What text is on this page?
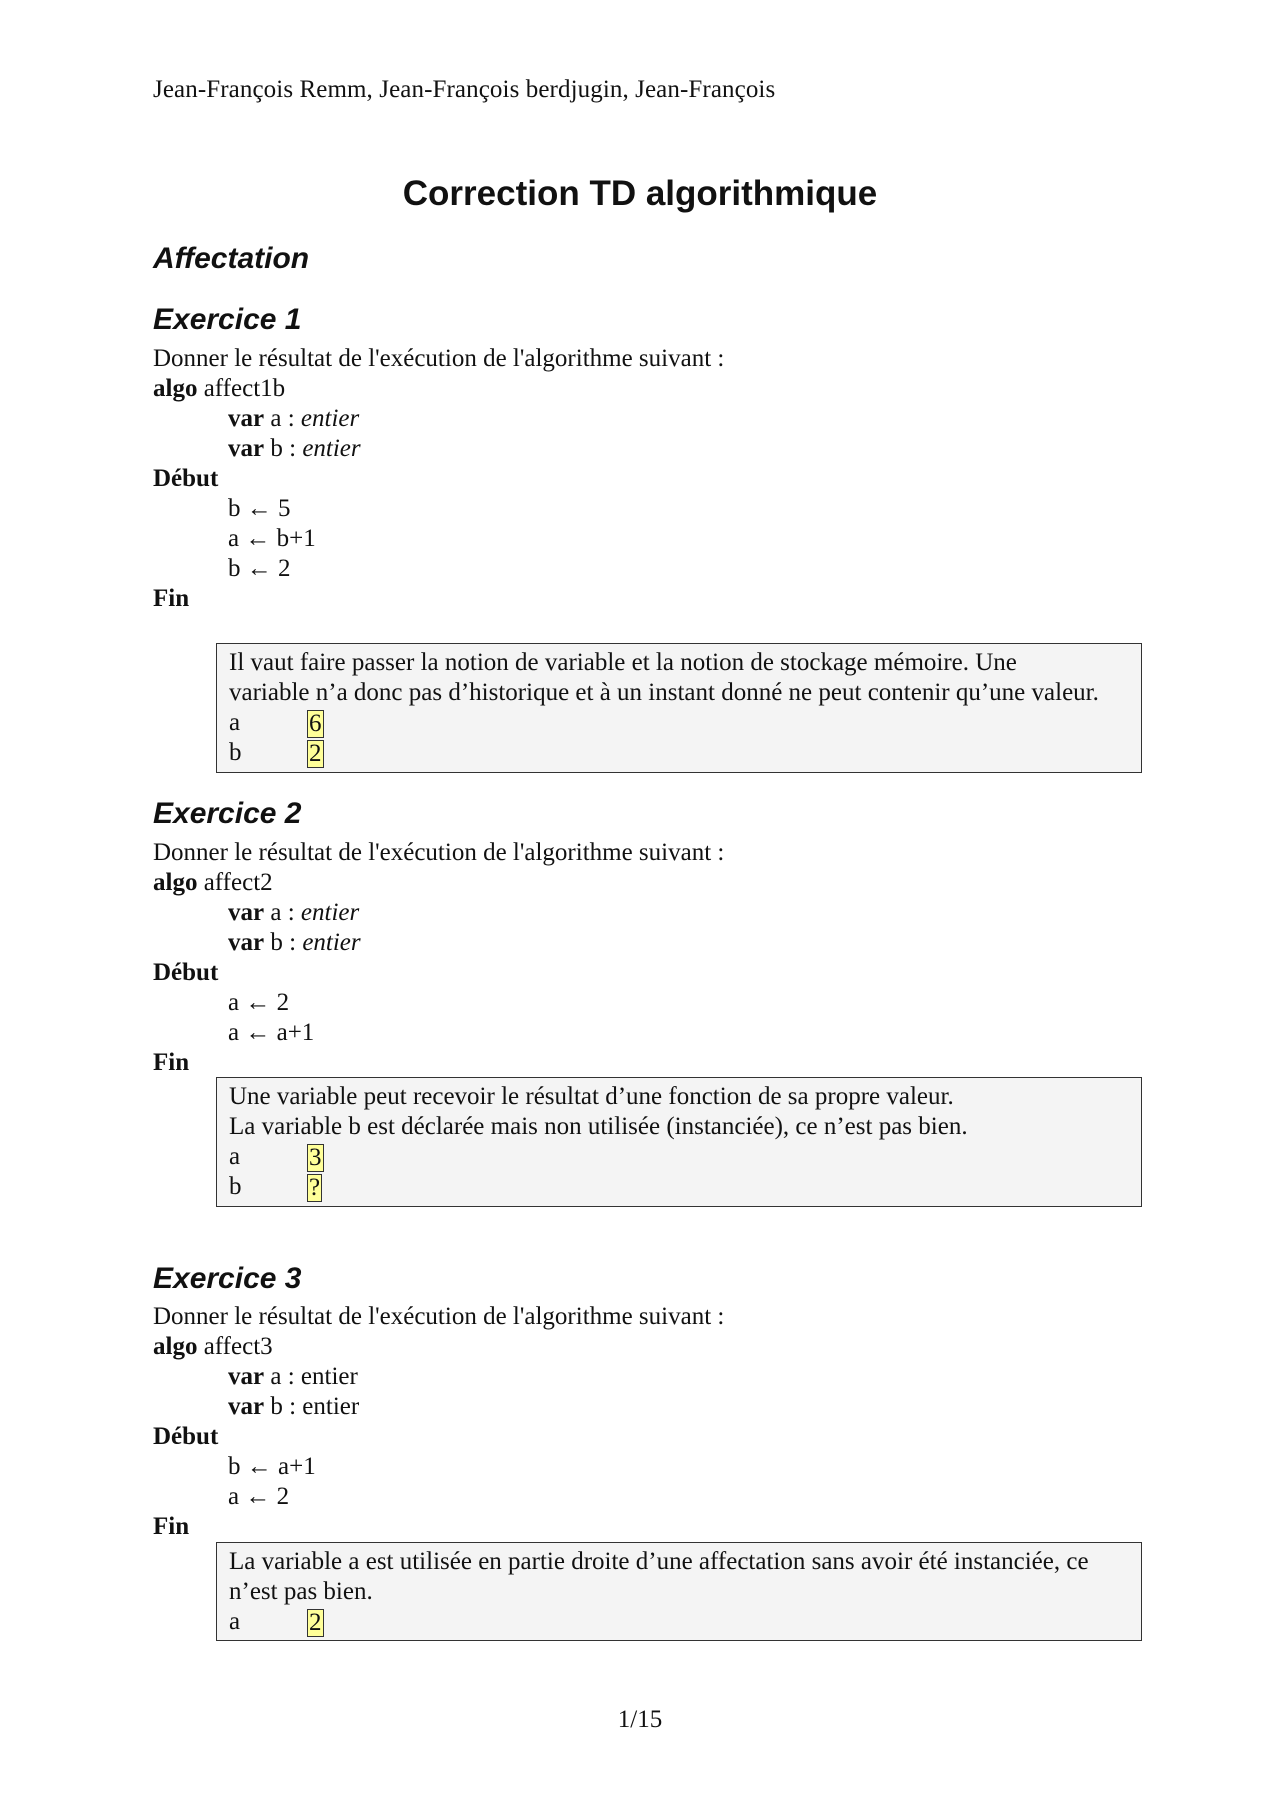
Jean-François Remm, Jean-François berdjugin, Jean-François
Correction TD algorithmique
Affectation
Exercice 1
Donner le résultat de l'exécution de l'algorithme suivant :
algo affect1b
var a : entier
var b : entier
Début
b ← 5
a ← b+1
b ← 2
Fin
Il vaut faire passer la notion de variable et la notion de stockage mémoire. Une
variable n’a donc pas d’historique et à un instant donné ne peut contenir qu’une valeur.
a	6
b	2
Exercice 2
Donner le résultat de l'exécution de l'algorithme suivant :
algo affect2
var a : entier
var b : entier
Début
a ← 2
a ← a+1
Fin
Une variable peut recevoir le résultat d’une fonction de sa propre valeur.
La variable b est déclarée mais non utilisée (instanciée), ce n’est pas bien.
a	3
b	?
Exercice 3
Donner le résultat de l'exécution de l'algorithme suivant :
algo affect3
var a : entier
var b : entier
Début
b ← a+1
a ← 2
Fin
La variable a est utilisée en partie droite d’une affectation sans avoir été instanciée, ce
n’est pas bien.
a	2
1/15
